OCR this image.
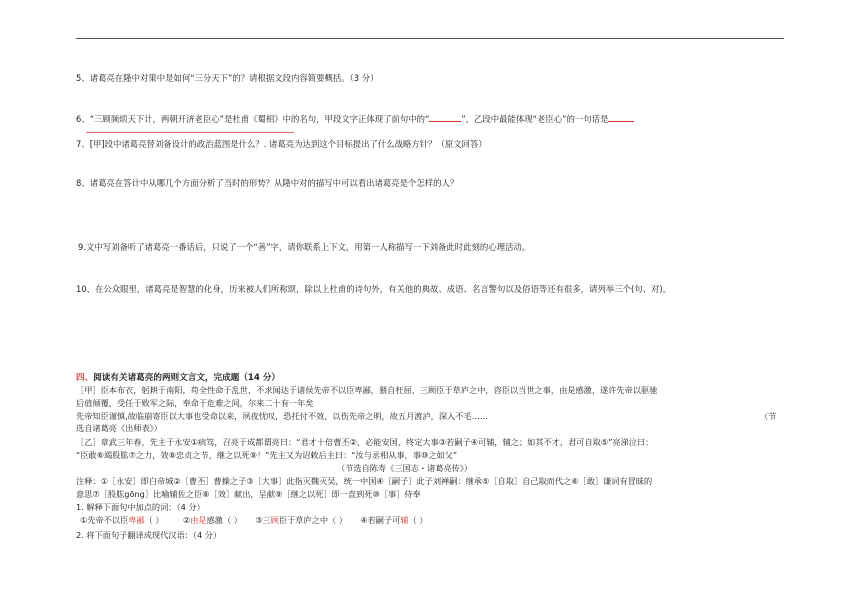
5、诸葛亮在隆中对策中是如何“三分天下”的？请根据文段内容简要概括。（3 分）
6、“三顾频烦天下计，两朝开济老臣心”是杜甫《蜀相》中的名句，甲段文字正体现了前句中的“	”，乙段中最能体现“老臣心”的一句话是
7、[甲]段中诸葛亮替刘备设计的政治蓝图是什么？. 诸葛亮为达到这个目标提出了什么战略方针？（原文回答）
8、诸葛亮在答计中从哪几个方面分析了当时的形势？从隆中对的描写中可以看出诸葛亮是个怎样的人？
9.文中写刘备听了诸葛亮一番话后，只说了一个“善”字，请你联系上下文，用第一人称描写一下刘备此时此刻的心理活动。
10、在公众眼里，诸葛亮是智慧的化身，历来被人们所称颂，除以上杜甫的诗句外，有关他的典故、成语、名言警句以及俗语等还有很多，请列举三个(句、对)。
四、阅读有关诸葛亮的两则文言文，完成题（14 分）
［甲］臣本布衣，躬耕于南阳，苟全性命于乱世，不求闻达于诸侯先帝不以臣卑鄙，猥自枉屈，三顾臣于草庐之中，咨臣以当世之事，由是感激，遂许先帝以驱驰
后值倾覆，受任于败军之际，奉命于危难之间，尔来二十有一年矣
先帝知臣谨慎,故临崩寄臣以大事也受命以来，夙夜忧叹，恐托付不效，以伤先帝之明，故五月渡泸，深入不毛……	（节
选自诸葛亮《出师表》）
［乙］章武三年春，先主于永安①病笃，召亮于成都谓亮曰：“君才十倍曹丕②，必能安国，终定大事③若嗣子④可辅，辅之；如其不才，君可自取⑤”亮涕泣曰：
“臣敢⑥竭股肱⑦之力，效⑧忠贞之节，继之以死⑨！”先主又为诏敕后主曰：“汝与丞相从事，事⑩之如父”
（节选自陈寿《三国志・诸葛亮传》）
注释：①［永安］即白帝城②［曹丕］曹操之子③［大事］此指灭魏灭吴，统一中国④［嗣子］此子刘禅嗣：继承⑤［自取］自己取而代之⑥［敢］谦词有冒昧的
意思⑦［股肱gōng］比喻辅佐之臣⑧［效］献出，呈献⑨［继之以死］即一直到死⑩［事］侍奉
1. 解释下面句中加点的词：（4 分）
①先帝不以臣卑鄙（ ） ②由是感激（ ） ③三顾臣于草庐之中（ ） ④若嗣子可辅（ ）
2. 将下面句子翻译成现代汉语：（4 分）
